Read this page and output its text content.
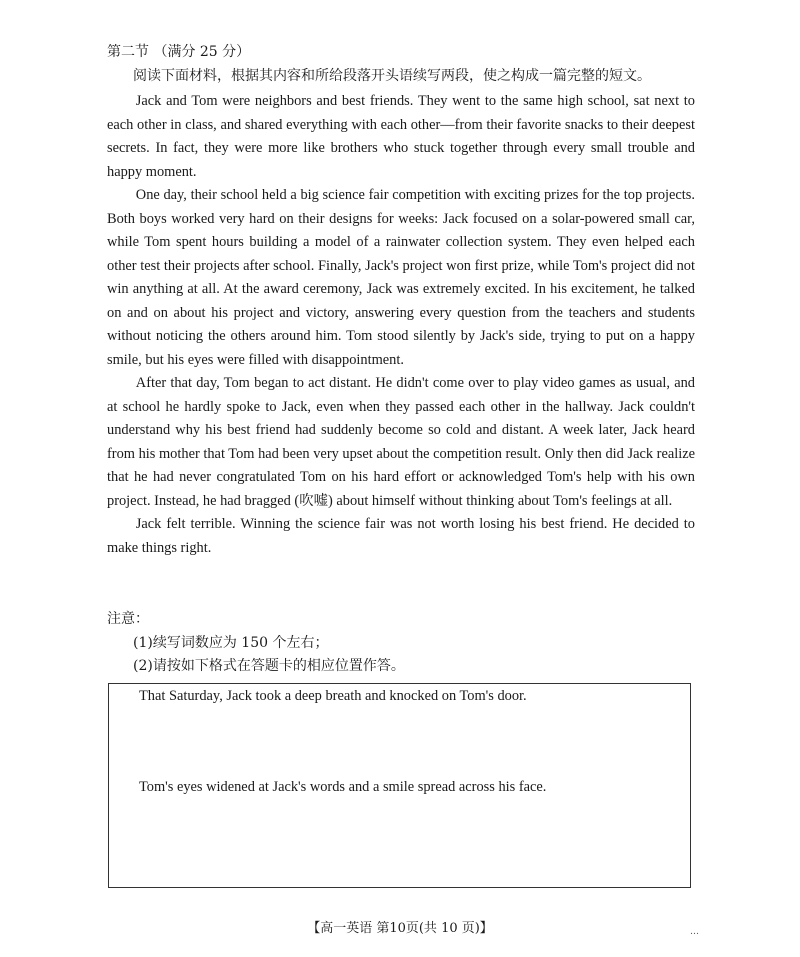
第二节 （满分 25 分）
阅读下面材料，根据其内容和所给段落开头语续写两段，使之构成一篇完整的短文。

Jack and Tom were neighbors and best friends. They went to the same high school, sat next to each other in class, and shared everything with each other—from their favorite snacks to their deepest secrets. In fact, they were more like brothers who stuck together through every small trouble and happy moment.

One day, their school held a big science fair competition with exciting prizes for the top projects. Both boys worked very hard on their designs for weeks: Jack focused on a solar-powered small car, while Tom spent hours building a model of a rainwater collection system. They even helped each other test their projects after school. Finally, Jack's project won first prize, while Tom's project did not win anything at all. At the award ceremony, Jack was extremely excited. In his excitement, he talked on and on about his project and victory, answering every question from the teachers and students without noticing the others around him. Tom stood silently by Jack's side, trying to put on a happy smile, but his eyes were filled with disappointment.

After that day, Tom began to act distant. He didn't come over to play video games as usual, and at school he hardly spoke to Jack, even when they passed each other in the hallway. Jack couldn't understand why his best friend had suddenly become so cold and distant. A week later, Jack heard from his mother that Tom had been very upset about the competition result. Only then did Jack realize that he had never congratulated Tom on his hard effort or acknowledged Tom's help with his own project. Instead, he had bragged (吹嘘) about himself without thinking about Tom's feelings at all.

Jack felt terrible. Winning the science fair was not worth losing his best friend. He decided to make things right.

注意：
(1)续写词数应为 150 个左右；
(2)请按如下格式在答题卡的相应位置作答。
That Saturday, Jack took a deep breath and knocked on Tom's door.
Tom's eyes widened at Jack's words and a smile spread across his face.
【高一英语 第10页(共 10 页)】	…
